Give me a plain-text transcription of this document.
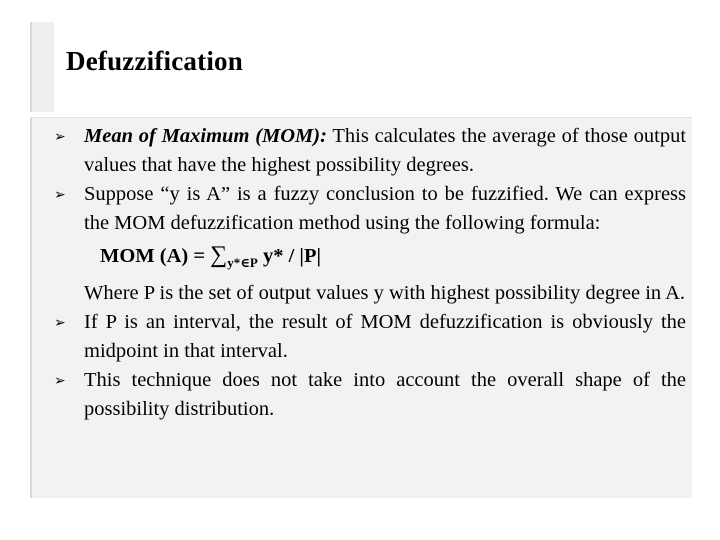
Defuzzification
➢ Mean of Maximum (MOM): This calculates the average of those output values that have the highest possibility degrees.
➢ Suppose “y is A” is a fuzzy conclusion to be fuzzified. We can express the MOM defuzzification method using the following formula:
MOM $(A) = \sum_{y*\in P}$ y* / |P|
Where P is the set of output values y with highest possibility degree in A.
➢ If P is an interval, the result of MOM defuzzification is obviously the midpoint in that interval.
➢ This technique does not take into account the overall shape of the possibility distribution.
